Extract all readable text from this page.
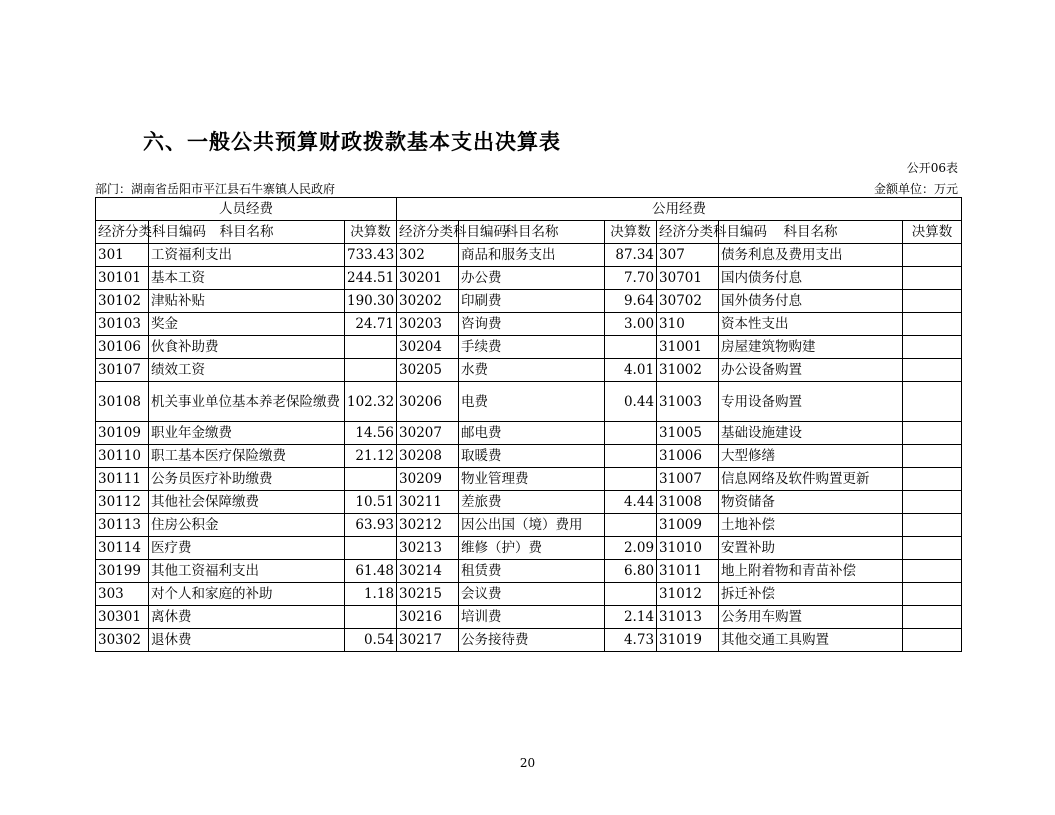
六、一般公共预算财政拨款基本支出决算表
公开06表
部门：湖南省岳阳市平江县石牛寨镇人民政府	金额单位：万元
人员经费			公用经费					
经济分类科目编码	科目名称	决算数	经济分类科目编码	科目名称	决算数	经济分类科目编码	科目名称	决算数
301	工资福利支出	733.43	302	商品和服务支出	87.34	307	债务利息及费用支出	
30101	基本工资	244.51	30201	办公费	7.70	30701	国内债务付息	
30102	津贴补贴	190.30	30202	印刷费	9.64	30702	国外债务付息	
30103	奖金	24.71	30203	咨询费	3.00	310	资本性支出	
30106	伙食补助费		30204	手续费		31001	房屋建筑物购建	
30107	绩效工资		30205	水费	4.01	31002	办公设备购置	
30108	机关事业单位基本养老保险缴费	102.32	30206	电费	0.44	31003	专用设备购置	
30109	职业年金缴费	14.56	30207	邮电费		31005	基础设施建设	
30110	职工基本医疗保险缴费	21.12	30208	取暖费		31006	大型修缮	
30111	公务员医疗补助缴费		30209	物业管理费		31007	信息网络及软件购置更新	
30112	其他社会保障缴费	10.51	30211	差旅费	4.44	31008	物资储备	
30113	住房公积金	63.93	30212	因公出国（境）费用		31009	土地补偿	
30114	医疗费		30213	维修（护）费	2.09	31010	安置补助	
30199	其他工资福利支出	61.48	30214	租赁费	6.80	31011	地上附着物和青苗补偿	
303	对个人和家庭的补助	1.18	30215	会议费		31012	拆迁补偿	
30301	离休费		30216	培训费	2.14	31013	公务用车购置	
30302	退休费	0.54	30217	公务接待费	4.73	31019	其他交通工具购置	
20
